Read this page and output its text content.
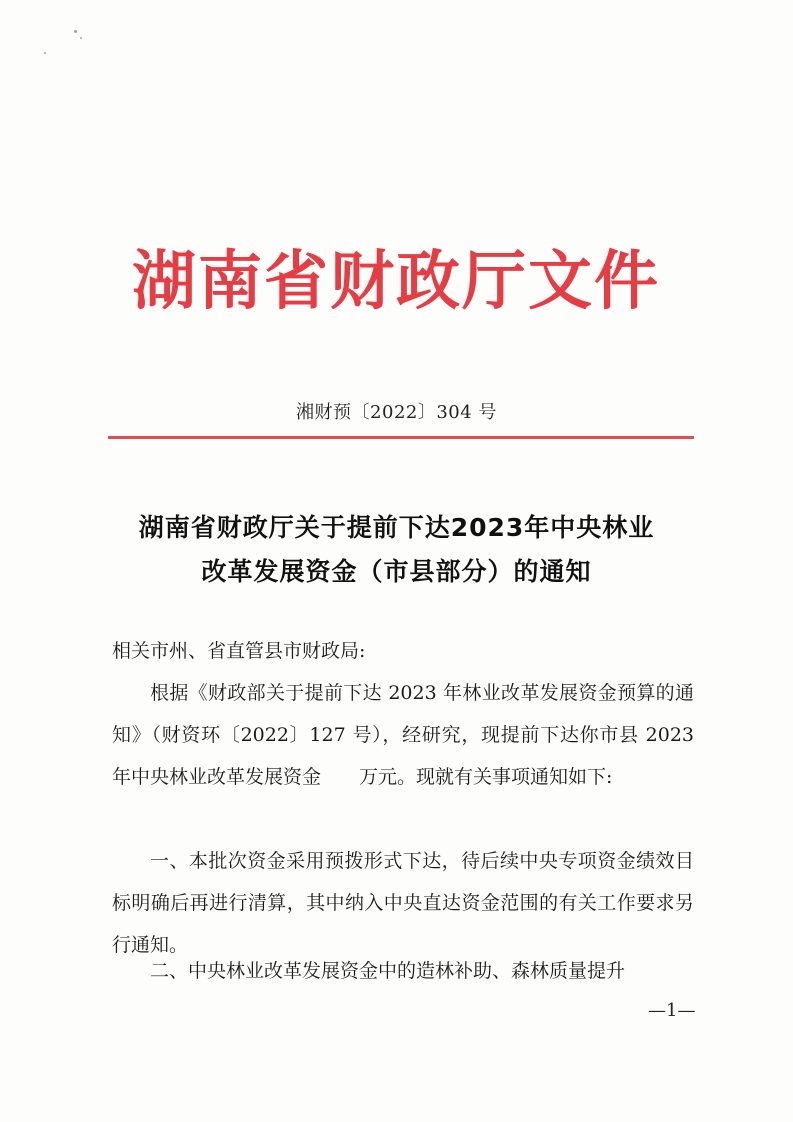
湖南省财政厅文件
湘财预〔2022〕304 号
湖南省财政厅关于提前下达2023年中央林业
改革发展资金（市县部分）的通知
相关市州、省直管县市财政局:

根据《财政部关于提前下达 2023 年林业改革发展资金预算的通知》（财资环〔2022〕127 号），经研究，现提前下达你市县 2023 年中央林业改革发展资金 万元。现就有关事项通知如下:

一、本批次资金采用预拨形式下达，待后续中央专项资金绩效目标明确后再进行清算，其中纳入中央直达资金范围的有关工作要求另行通知。

二、中央林业改革发展资金中的造林补助、森林质量提升

—1—
